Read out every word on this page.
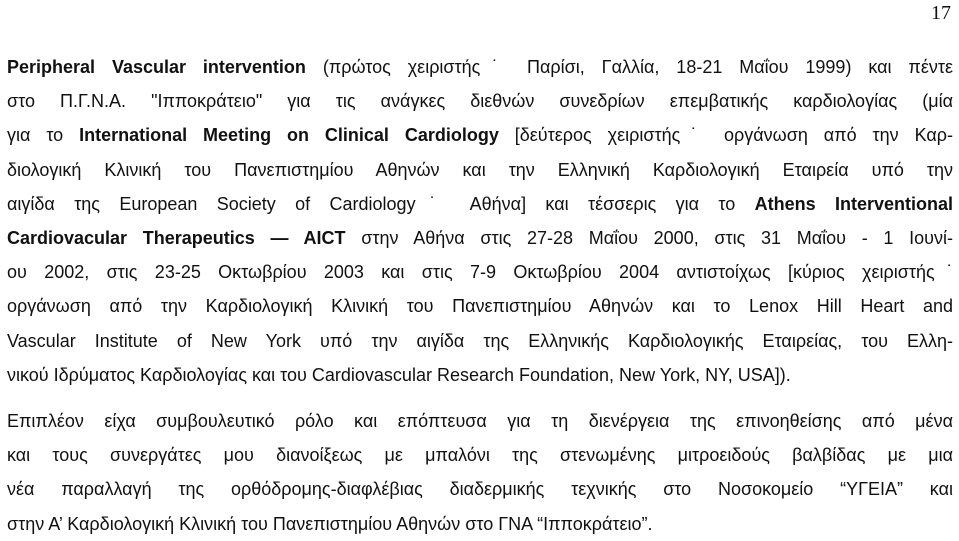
17

Peripheral Vascular intervention (πρώτος χειριστής˙ Παρίσι, Γαλλία, 18-21 Μαΐου 1999) και πέντε
στο Π.Γ.Ν.Α. "Ιπποκράτειο" για τις ανάγκες διεθνών συνεδρίων επεμβατικής καρδιολογίας (μία
για το International Meeting on Clinical Cardiology [δεύτερος χειριστής˙ οργάνωση από την Καρ-
διολογική Κλινική του Πανεπιστημίου Αθηνών και την Ελληνική Καρδιολογική Εταιρεία υπό την
αιγίδα της European Society of Cardiology˙ Αθήνα] και τέσσερις για το Athens Interventional
Cardiovacular Therapeutics — AICT στην Αθήνα στις 27-28 Μαΐου 2000, στις 31 Μαΐου - 1 Ιουνί-
ου 2002, στις 23-25 Οκτωβρίου 2003 και στις 7-9 Οκτωβρίου 2004 αντιστοίχως [κύριος χειριστής˙
οργάνωση από την Καρδιολογική Κλινική του Πανεπιστημίου Αθηνών και το Lenox Hill Heart and
Vascular Institute of New York υπό την αιγίδα της Ελληνικής Καρδιολογικής Εταιρείας, του Ελλη-
νικού Ιδρύματος Καρδιολογίας και του Cardiovascular Research Foundation, New York, NY, USA]).

Επιπλέον είχα συμβουλευτικό ρόλο και επόπτευσα για τη διενέργεια της επινοηθείσης από μένα
και τους συνεργάτες μου διανοίξεως με μπαλόνι της στενωμένης μιτροειδούς βαλβίδας με μια
νέα παραλλαγή της ορθόδρομης-διαφλέβιας διαδερμικής τεχνικής στο Νοσοκομείο “ΥΓΕΙΑ” και
στην Α’ Καρδιολογική Κλινική του Πανεπιστημίου Αθηνών στο ΓΝΑ “Ιπποκράτειο”.
